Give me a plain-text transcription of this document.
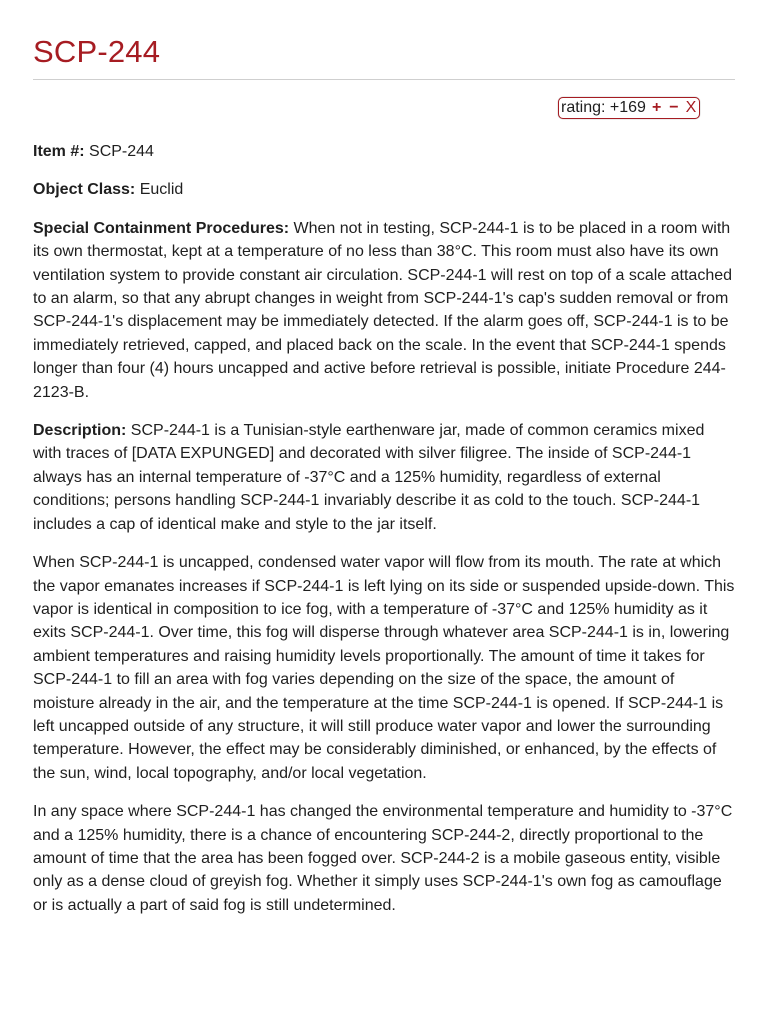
SCP-244
rating: +169 + − X

Item #: SCP-244

Object Class: Euclid

Special Containment Procedures: When not in testing, SCP-244-1 is to be placed in a room with its own thermostat, kept at a temperature of no less than 38°C. This room must also have its own ventilation system to provide constant air circulation. SCP-244-1 will rest on top of a scale attached to an alarm, so that any abrupt changes in weight from SCP-244-1's cap's sudden removal or from SCP-244-1's displacement may be immediately detected. If the alarm goes off, SCP-244-1 is to be immediately retrieved, capped, and placed back on the scale. In the event that SCP-244-1 spends longer than four (4) hours uncapped and active before retrieval is possible, initiate Procedure 244-2123-B.

Description: SCP-244-1 is a Tunisian-style earthenware jar, made of common ceramics mixed with traces of [DATA EXPUNGED] and decorated with silver filigree. The inside of SCP-244-1 always has an internal temperature of -37°C and a 125% humidity, regardless of external conditions; persons handling SCP-244-1 invariably describe it as cold to the touch. SCP-244-1 includes a cap of identical make and style to the jar itself.

When SCP-244-1 is uncapped, condensed water vapor will flow from its mouth. The rate at which the vapor emanates increases if SCP-244-1 is left lying on its side or suspended upside-down. This vapor is identical in composition to ice fog, with a temperature of -37°C and 125% humidity as it exits SCP-244-1. Over time, this fog will disperse through whatever area SCP-244-1 is in, lowering ambient temperatures and raising humidity levels proportionally. The amount of time it takes for SCP-244-1 to fill an area with fog varies depending on the size of the space, the amount of moisture already in the air, and the temperature at the time SCP-244-1 is opened. If SCP-244-1 is left uncapped outside of any structure, it will still produce water vapor and lower the surrounding temperature. However, the effect may be considerably diminished, or enhanced, by the effects of the sun, wind, local topography, and/or local vegetation.

In any space where SCP-244-1 has changed the environmental temperature and humidity to -37°C and a 125% humidity, there is a chance of encountering SCP-244-2, directly proportional to the amount of time that the area has been fogged over. SCP-244-2 is a mobile gaseous entity, visible only as a dense cloud of greyish fog. Whether it simply uses SCP-244-1's own fog as camouflage or is actually a part of said fog is still undetermined.
